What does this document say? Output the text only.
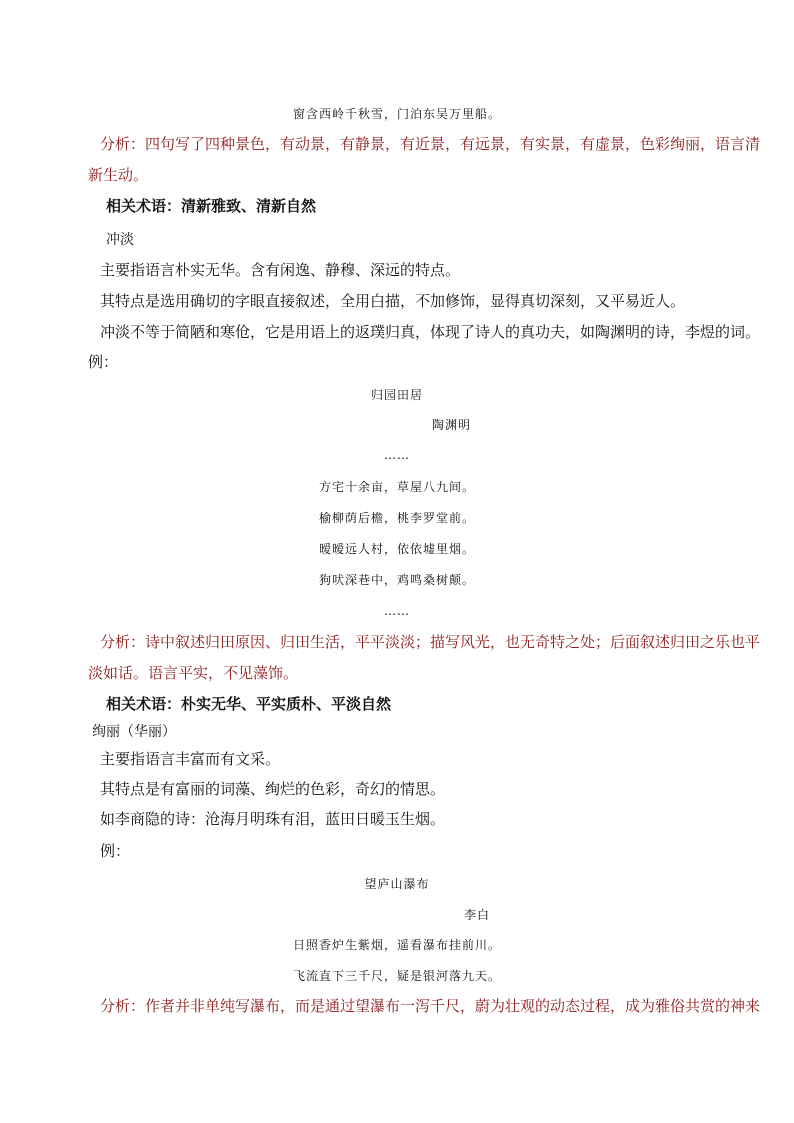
窗含西岭千秋雪，门泊东吴万里船。
分析：四句写了四种景色，有动景，有静景，有近景，有远景，有实景，有虚景，色彩绚丽，语言清
新生动。
相关术语：清新雅致、清新自然
冲淡
主要指语言朴实无华。含有闲逸、静穆、深远的特点。
其特点是选用确切的字眼直接叙述，全用白描，不加修饰，显得真切深刻，又平易近人。
冲淡不等于简陋和寒伧，它是用语上的返璞归真，体现了诗人的真功夫，如陶渊明的诗，李煜的词。
例：
归园田居
陶渊明
……
方宅十余亩，草屋八九间。
榆柳荫后檐，桃李罗堂前。
暧暧远人村，依依墟里烟。
狗吠深巷中，鸡鸣桑树颠。
……
分析：诗中叙述归田原因、归田生活，平平淡淡；描写风光，也无奇特之处；后面叙述归田之乐也平
淡如话。语言平实，不见藻饰。
相关术语：朴实无华、平实质朴、平淡自然
绚丽（华丽）
主要指语言丰富而有文采。
其特点是有富丽的词藻、绚烂的色彩，奇幻的情思。
如李商隐的诗：沧海月明珠有泪，蓝田日暖玉生烟。
例：
望庐山瀑布
李白
日照香炉生紫烟，遥看瀑布挂前川。
飞流直下三千尺，疑是银河落九天。
分析：作者并非单纯写瀑布，而是通过望瀑布一泻千尺，蔚为壮观的动态过程，成为雅俗共赏的神来
